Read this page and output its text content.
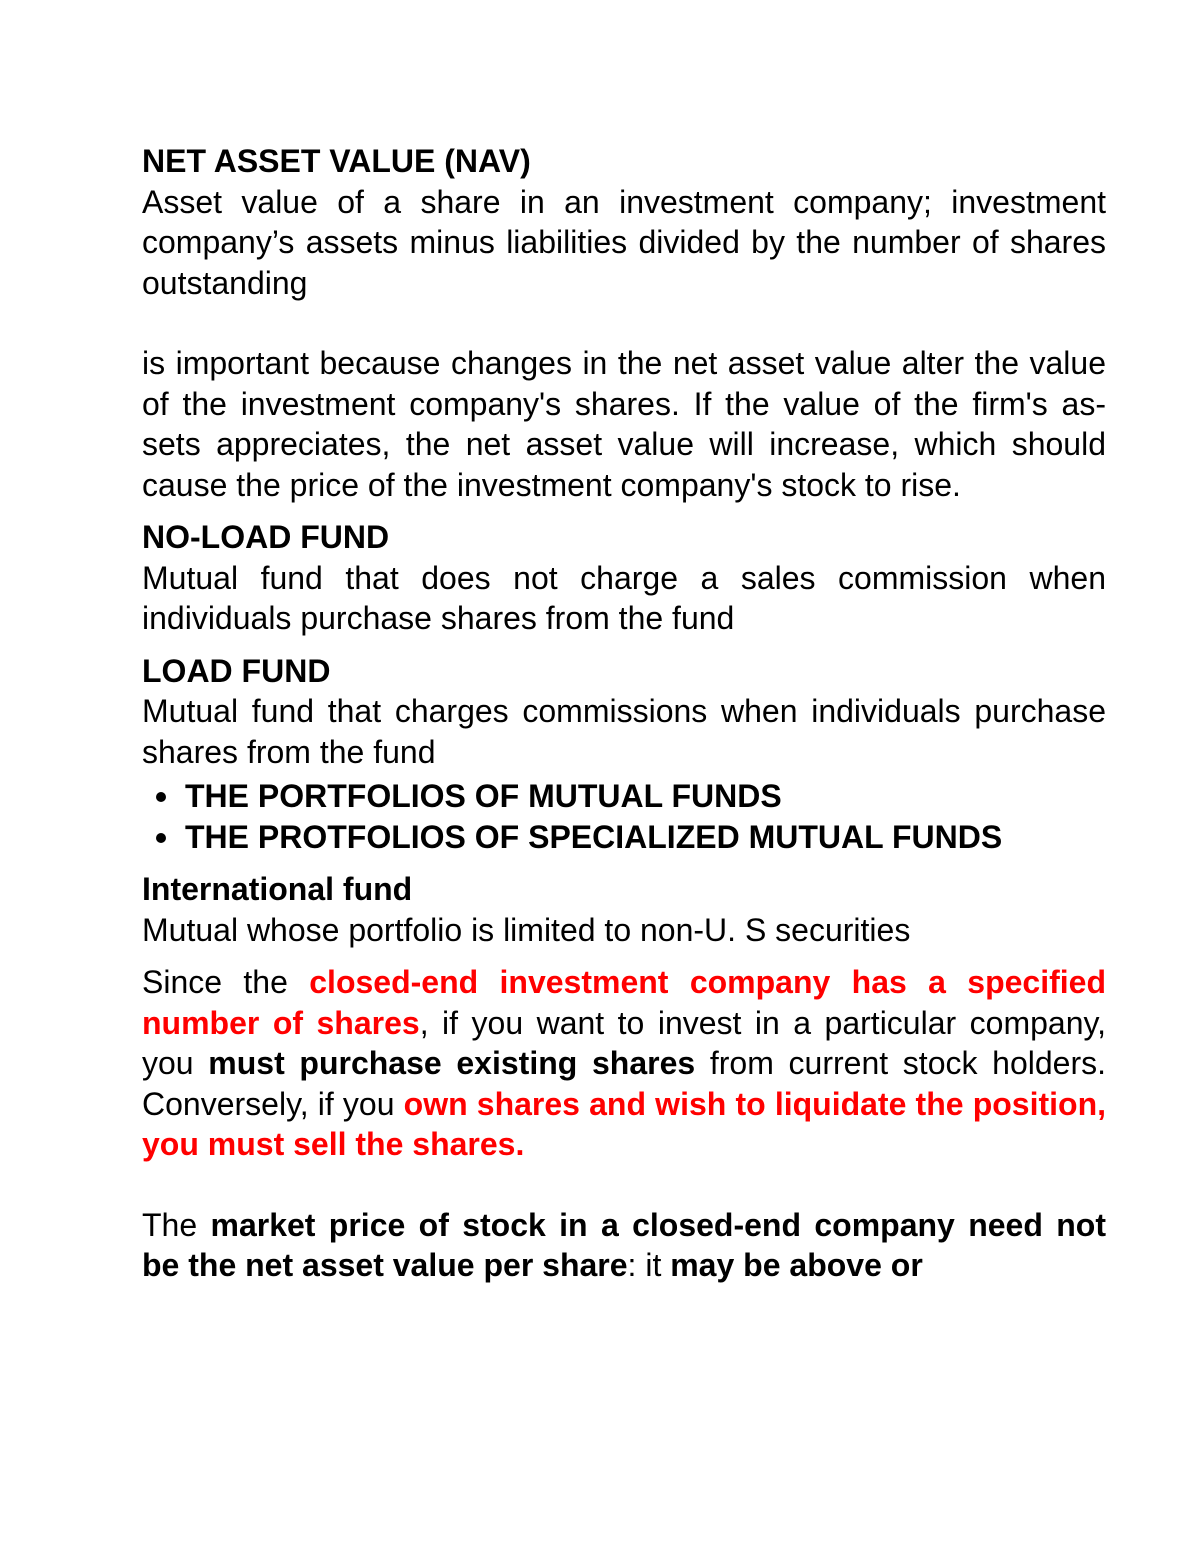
NET ASSET VALUE (NAV)
Asset value of a share in an investment company; investment company’s assets minus liabilities divided by the number of shares outstanding
is important because changes in the net asset value alter the value of the investment company's shares. If the value of the firm's as- sets appreciates, the net asset value will increase, which should cause the price of the investment company's stock to rise.
NO-LOAD FUND
Mutual fund that does not charge a sales commission when individuals purchase shares from the fund
LOAD FUND
Mutual fund that charges commissions when individuals purchase shares from the fund
THE PORTFOLIOS OF MUTUAL FUNDS
THE PROTFOLIOS OF SPECIALIZED MUTUAL FUNDS
International fund
Mutual whose portfolio is limited to non-U. S securities
Since the closed-end investment company has a specified number of shares, if you want to invest in a particular company, you must purchase existing shares from current stock holders. Conversely, if you own shares and wish to liquidate the position, you must sell the shares.
The market price of stock in a closed-end company need not be the net asset value per share: it may be above or
